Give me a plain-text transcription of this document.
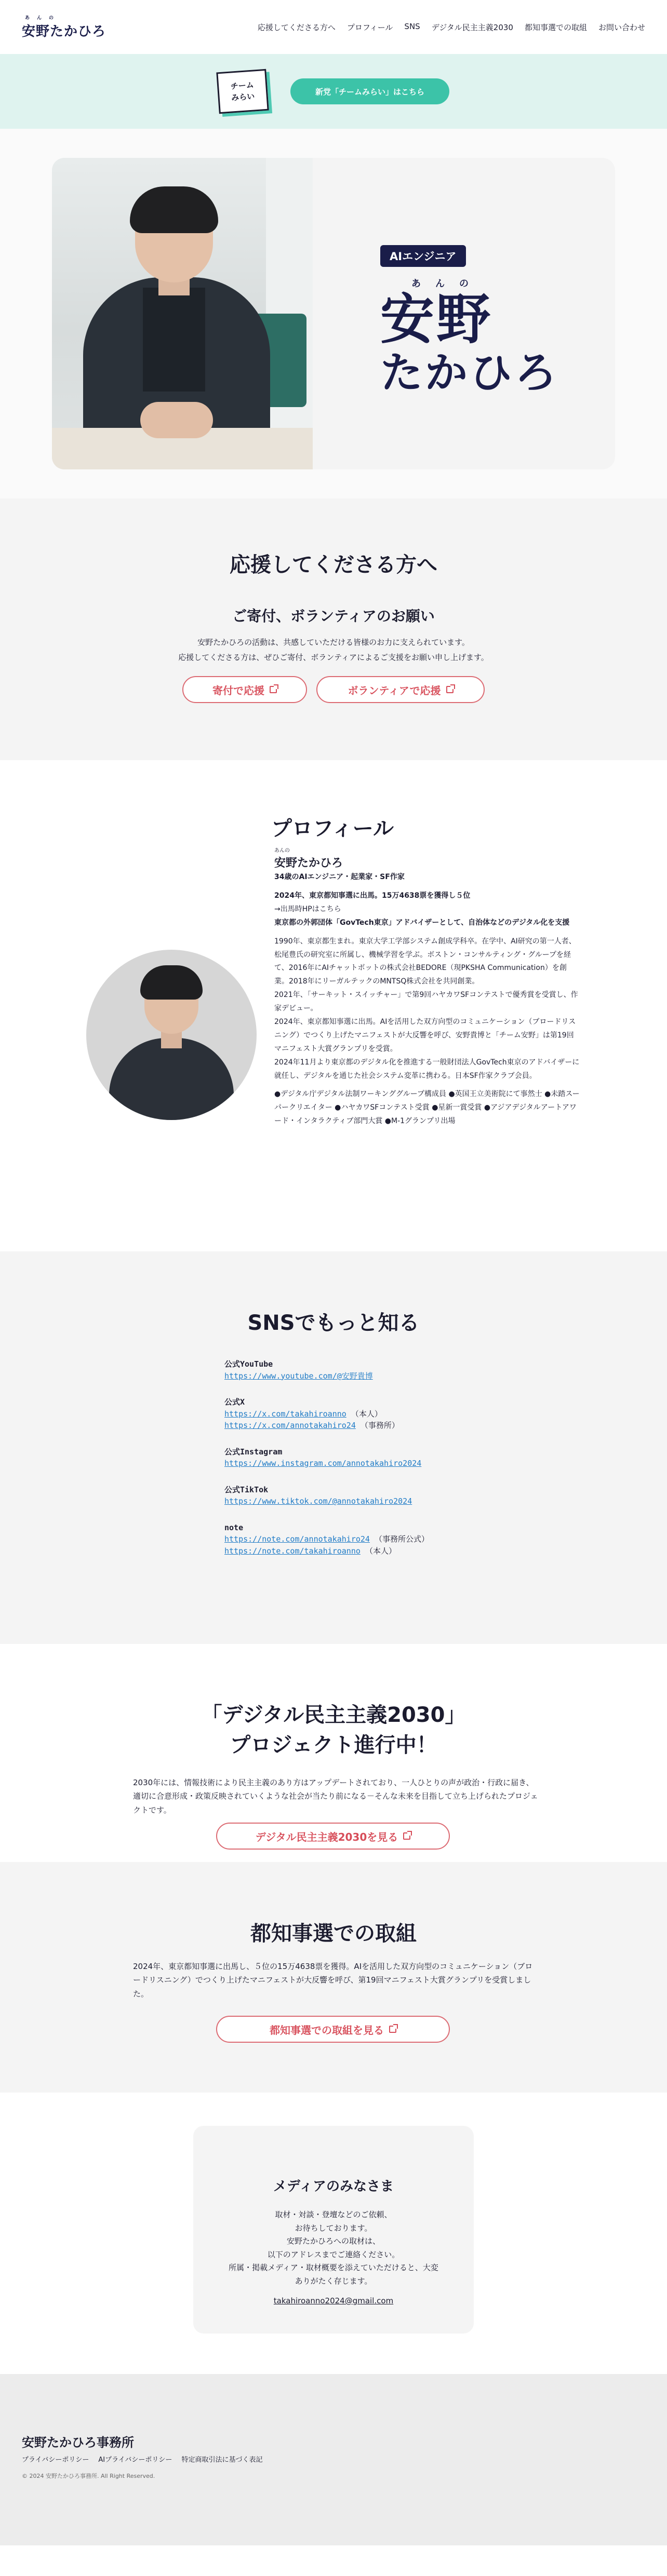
あんの
安野たかひろ	応援してくださる方へ プロフィール SNS デジタル民主主義2030 都知事選での取組 お問い合わせ
チーム
みらい	新党「チームみらい」はこちら
AIエンジニア
あんの
安野
たかひろ
応援してくださる方へ
ご寄付、ボランティアのお願い

安野たかひろの活動は、共感していただける皆様のお力に支えられています。
応援してくださる方は、ぜひご寄付、ボランティアによるご支援をお願い申し上げます。

寄付で応援	ボランティアで応援
プロフィール
あんの
安野たかひろ

34歳のAIエンジニア・起業家・SF作家

2024年、東京都知事選に出馬。15万4638票を獲得し５位

→出馬時HPはこちら

東京都の外郭団体「GovTech東京」アドバイザーとして、自治体などのデジタル化を支援

1990年、東京都生まれ。東京大学工学部システム創成学科卒。在学中、AI研究の第一人者、松尾豊氏の研究室に所属し、機械学習を学ぶ。ボストン・コンサルティング・グループを経て、2016年にAIチャットボットの株式会社BEDORE（現PKSHA Communication）を創業。2018年にリーガルテックのMNTSQ株式会社を共同創業。

2021年、「サーキット・スイッチャー」で第9回ハヤカワSFコンテストで優秀賞を受賞し、作家デビュー。

2024年、東京都知事選に出馬。AIを活用した双方向型のコミュニケーション（ブロードリスニング）でつくり上げたマニフェストが大反響を呼び、安野貴博と「チーム安野」は第19回マニフェスト大賞グランプリを受賞。

2024年11月より東京都のデジタル化を推進する一般財団法人GovTech東京のアドバイザーに就任し、デジタルを通じた社会システム変革に携わる。日本SF作家クラブ会員。

●デジタル庁デジタル法制ワーキンググループ構成員 ●英国王立美術院にて事然士 ●未踏スーパークリエイター ●ハヤカワSFコンテスト受賞 ●星新一賞受賞 ●アジアデジタルアートアワード・インタラクティブ部門大賞 ●M-1グランプリ出場

SNSでもっと知る
公式YouTube
https://www.youtube.com/@安野貴博
公式X
https://x.com/takahiroanno （本人）
https://x.com/annotakahiro24 （事務所）
公式Instagram
https://www.instagram.com/annotakahiro2024
公式TikTok
https://www.tiktok.com/@annotakahiro2024
note
https://note.com/annotakahiro24 （事務所公式）
https://note.com/takahiroanno （本人）
「デジタル民主主義2030」
プロジェクト進行中！

2030年には、情報技術により民主主義のあり方はアップデートされており、一人ひとりの声が政治・行政に届き、適切に合意形成・政策反映されていくような社会が当たり前になる－そんな未来を目指して立ち上げられたプロジェクトです。

デジタル民主主義2030を見る
都知事選での取組

2024年、東京都知事選に出馬し、５位の15万4638票を獲得。AIを活用した双方向型のコミュニケーション（ブロードリスニング）でつくり上げたマニフェストが大反響を呼び、第19回マニフェスト大賞グランプリを受賞しました。

都知事選での取組を見る
メディアのみなさま

取材・対談・登壇などのご依頼、
お待ちしております。
安野たかひろへの取材は、
以下のアドレスまでご連絡ください。
所属・掲載メディア・取材概要を添えていただけると、大変
ありがたく存じます。

takahiroanno2024@gmail.com
安野たかひろ事務所
プライバシーポリシー AIプライバシーポリシー 特定商取引法に基づく表記
© 2024 安野たかひろ事務所. All Right Reserved.
